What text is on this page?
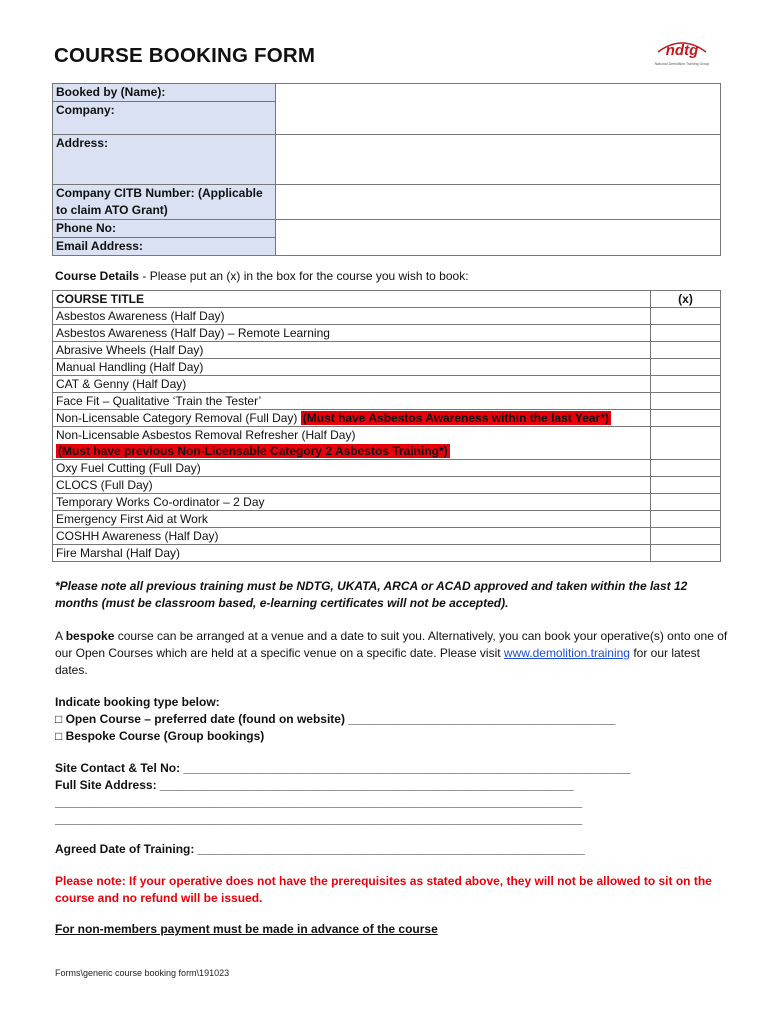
COURSE BOOKING FORM	ndtg
National Demolition Training Group
Booked by (Name):	
Company:	

Address:	

Company CITB Number: (Applicable to claim ATO Grant)	
Phone No:	
Email Address:	
Course Details - Please put an (x) in the box for the course you wish to book:
COURSE TITLE	(x)
Asbestos Awareness (Half Day)	
Asbestos Awareness (Half Day) – Remote Learning	
Abrasive Wheels (Half Day)	
Manual Handling (Half Day)	
CAT & Genny (Half Day)	
Face Fit – Qualitative ‘Train the Tester’	
Non-Licensable Category Removal (Full Day) (Must have Asbestos Awareness within the last Year*)	

Non-Licensable Asbestos Removal Refresher (Half Day)
(Must have previous Non-Licensable Category 2 Asbestos Training*)	
Oxy Fuel Cutting (Full Day)	
CLOCS (Full Day)	
Temporary Works Co-ordinator – 2 Day	
Emergency First Aid at Work	
COSHH Awareness (Half Day)	
Fire Marshal (Half Day)	
*Please note all previous training must be NDTG, UKATA, ARCA or ACAD approved and taken within the last 12 months (must be classroom based, e-learning certificates will not be accepted).
A bespoke course can be arranged at a venue and a date to suit you. Alternatively, you can book your operative(s) onto one of our Open Courses which are held at a specific venue on a specific date. Please visit www.demolition.training for our latest dates.
Indicate booking type below:
□ Open Course – preferred date (found on website) ________________________________________
□ Bespoke Course (Group bookings)
Site Contact & Tel No: ___________________________________________________________________
Full Site Address: ______________________________________________________________
_______________________________________________________________________________
_______________________________________________________________________________
Agreed Date of Training: __________________________________________________________
Please note: If your operative does not have the prerequisites as stated above, they will not be allowed to sit on the course and no refund will be issued.
For non-members payment must be made in advance of the course
Forms\generic course booking form\191023
